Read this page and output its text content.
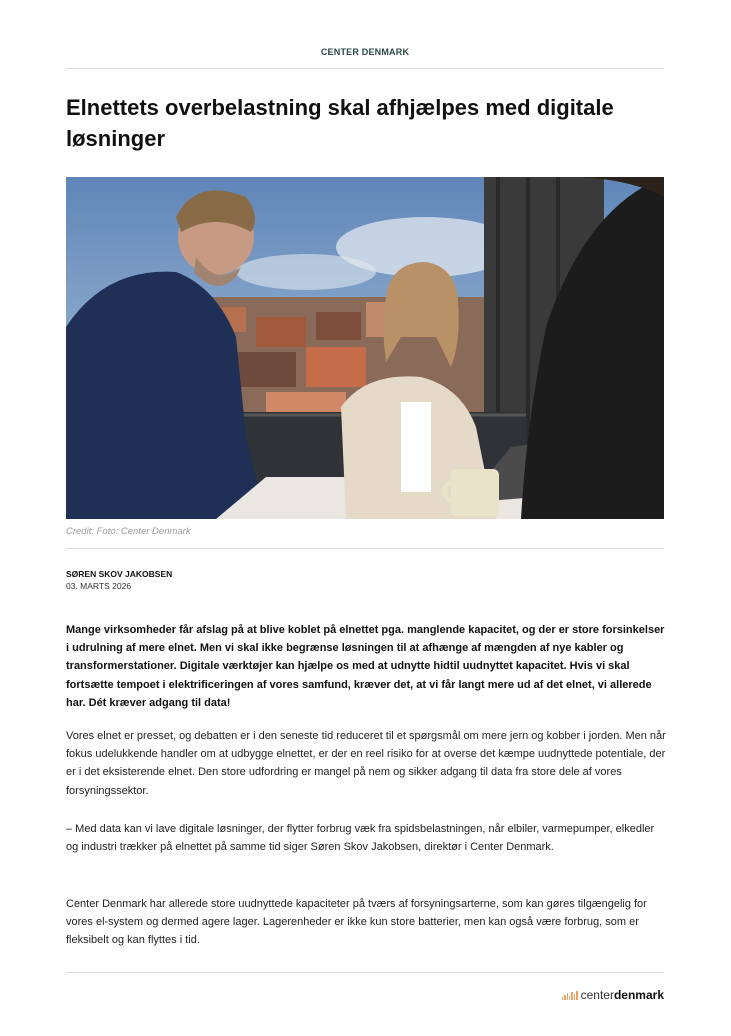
CENTER DENMARK
Elnettets overbelastning skal afhjælpes med digitale løsninger
Credit: Foto: Center Denmark
SØREN SKOV JAKOBSEN
03. MARTS 2026

Mange virksomheder får afslag på at blive koblet på elnettet pga. manglende kapacitet, og der er store forsinkelser i udrulning af mere elnet. Men vi skal ikke begrænse løsningen til at afhænge af mængden af nye kabler og transformerstationer. Digitale værktøjer kan hjælpe os med at udnytte hidtil uudnyttet kapacitet. Hvis vi skal fortsætte tempoet i elektrificeringen af vores samfund, kræver det, at vi får langt mere ud af det elnet, vi allerede har. Dét kræver adgang til data!

Vores elnet er presset, og debatten er i den seneste tid reduceret til et spørgsmål om mere jern og kobber i jorden. Men når fokus udelukkende handler om at udbygge elnettet, er der en reel risiko for at overse det kæmpe uudnyttede potentiale, der er i det eksisterende elnet. Den store udfordring er mangel på nem og sikker adgang til data fra store dele af vores forsyningssektor.

– Med data kan vi lave digitale løsninger, der flytter forbrug væk fra spidsbelastningen, når elbiler, varmepumper, elkedler og industri trækker på elnettet på samme tid siger Søren Skov Jakobsen, direktør i Center Denmark.

Center Denmark har allerede store uudnyttede kapaciteter på tværs af forsyningsarterne, som kan gøres tilgængelig for vores el-system og dermed agere lager. Lagerenheder er ikke kun store batterier, men kan også være forbrug, som er fleksibelt og kan flyttes i tid.

center denmark
